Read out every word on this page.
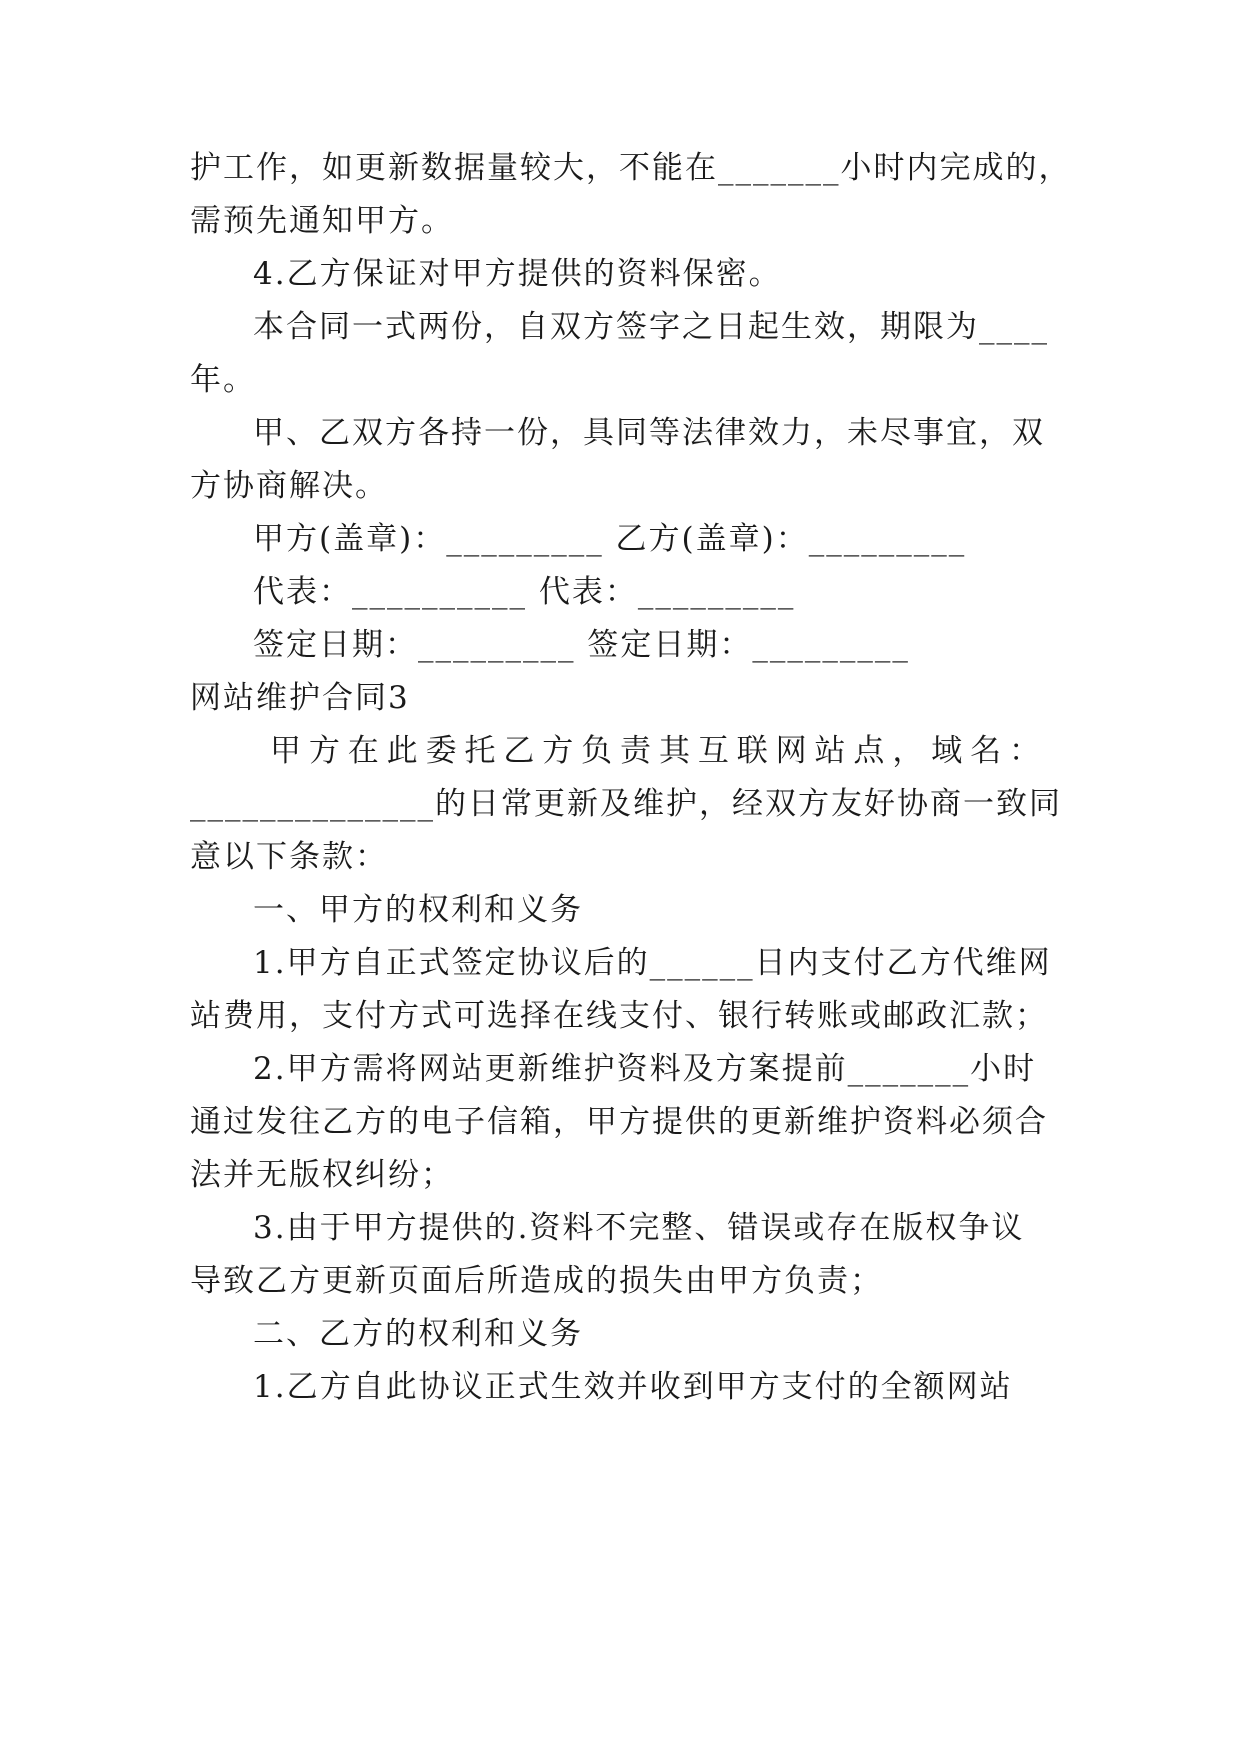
护工作，如更新数据量较大，不能在_______小时内完成的，
需预先通知甲方。
4.乙方保证对甲方提供的资料保密。
本合同一式两份，自双方签字之日起生效，期限为____
年。
甲、乙双方各持一份，具同等法律效力，未尽事宜，双
方协商解决。
甲方(盖章)：_________ 乙方(盖章)：_________
代表：__________ 代表：_________
签定日期：_________ 签定日期：_________
网站维护合同3
甲方在此委托乙方负责其互联网站点，域名：
______________的日常更新及维护，经双方友好协商一致同
意以下条款：
一、甲方的权利和义务
1.甲方自正式签定协议后的______日内支付乙方代维网
站费用，支付方式可选择在线支付、银行转账或邮政汇款；
2.甲方需将网站更新维护资料及方案提前_______小时
通过发往乙方的电子信箱，甲方提供的更新维护资料必须合
法并无版权纠纷；
3.由于甲方提供的.资料不完整、错误或存在版权争议
导致乙方更新页面后所造成的损失由甲方负责；
二、乙方的权利和义务
1.乙方自此协议正式生效并收到甲方支付的全额网站
